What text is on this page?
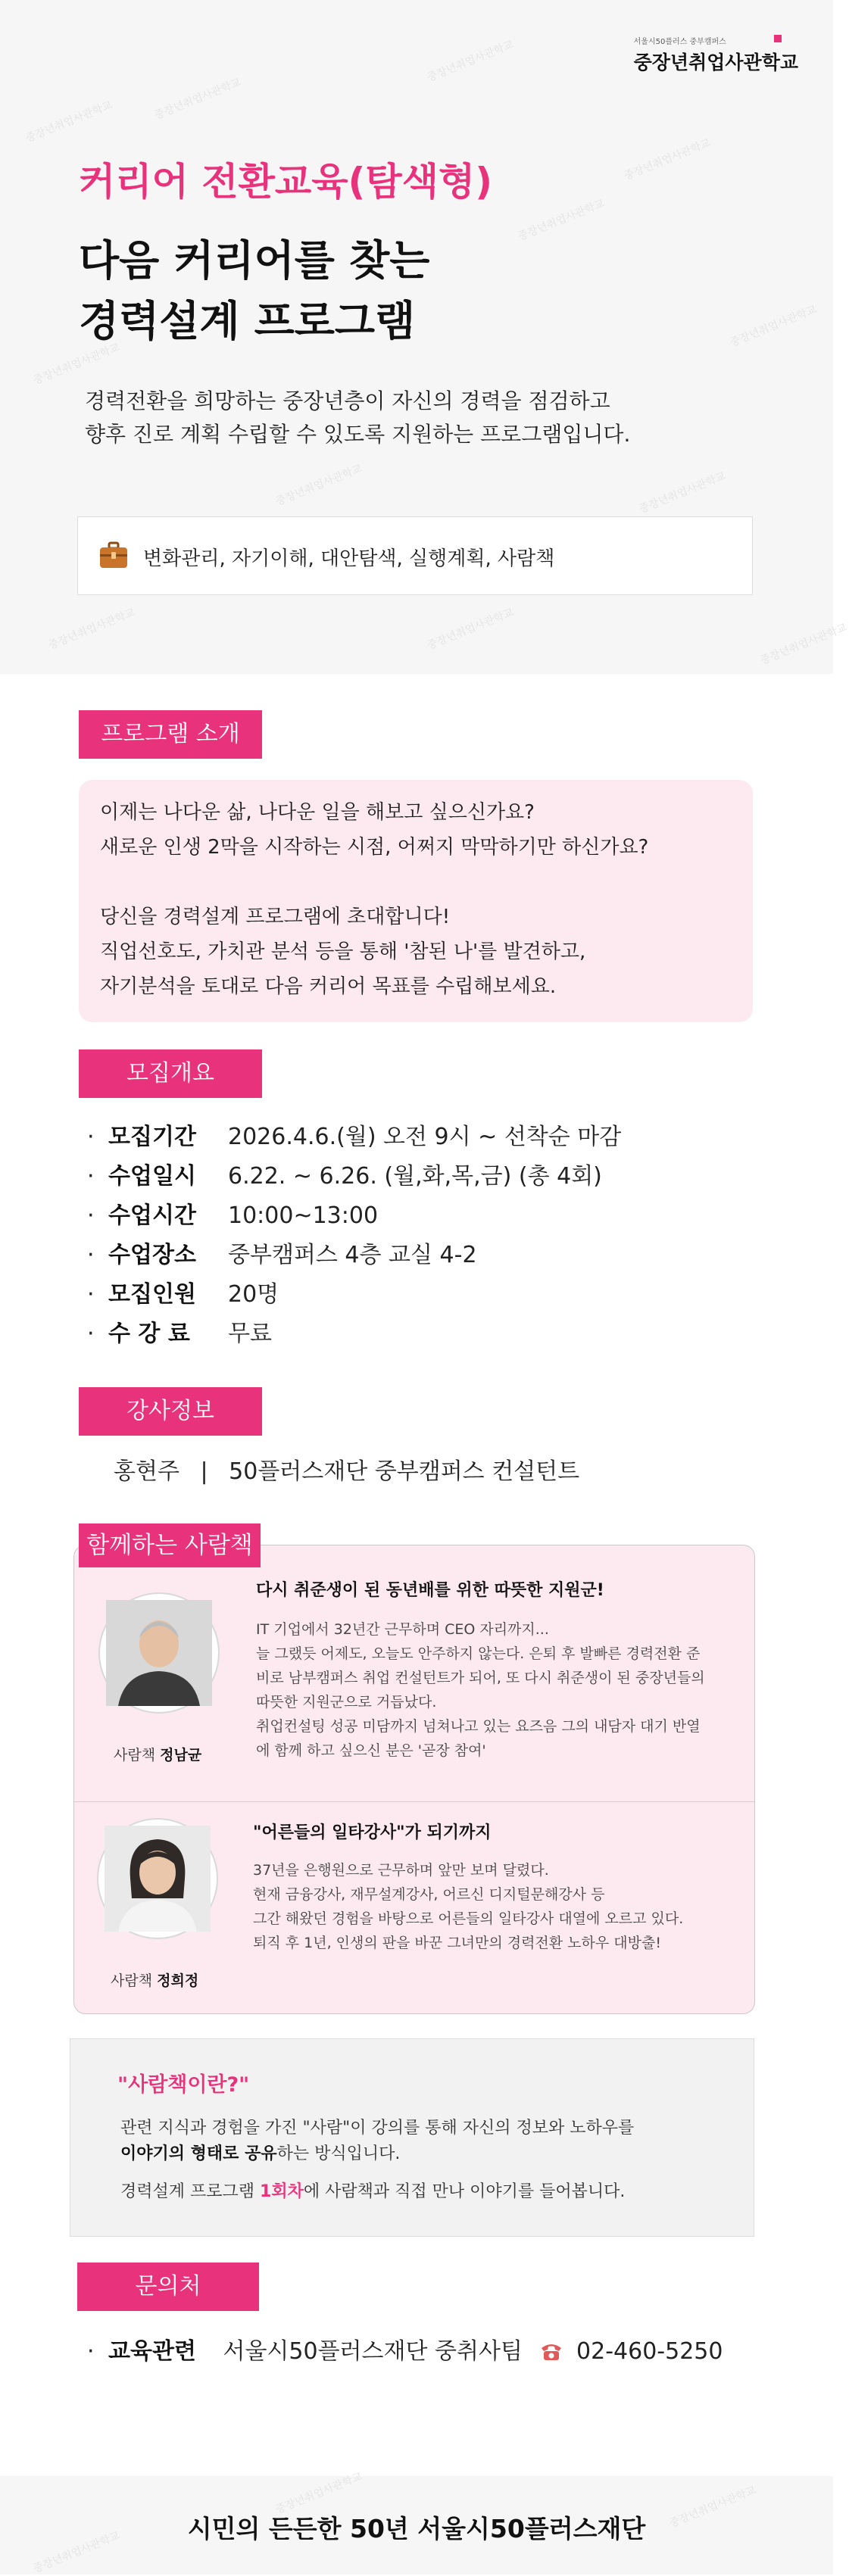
중장년취업사관학교	중장년취업사관학교
중장년취업사관학교
중장년취업사관학교
중장년취업사관학교
중장년취업사관학교
중장년취업사관학교
중장년취업사관학교	중장년취업사관학교
중장년취업사관학교	중장년취업사관학교	중장년취업사관학교
서울시50플러스 중부캠퍼스
중장년취업사관학교
커리어 전환교육(탐색형)
다음 커리어를 찾는
경력설계 프로그램
경력전환을 희망하는 중장년층이 자신의 경력을 점검하고
향후 진로 계획 수립할 수 있도록 지원하는 프로그램입니다.
변화관리, 자기이해, 대안탐색, 실행계획, 사람책
프로그램 소개

이제는 나다운 삶, 나다운 일을 해보고 싶으신가요?

새로운 인생 2막을 시작하는 시점, 어쩌지 막막하기만 하신가요?

당신을 경력설계 프로그램에 초대합니다!

직업선호도, 가치관 분석 등을 통해 '참된 나'를 발견하고,

자기분석을 토대로 다음 커리어 목표를 수립해보세요.

모집개요
· 모집기간 2026.4.6.(월) 오전 9시 ~ 선착순 마감
· 수업일시 6.22. ~ 6.26. (월,화,목,금) (총 4회)
· 수업시간 10:00~13:00
· 수업장소 중부캠퍼스 4층 교실 4-2
· 모집인원 20명
· 수 강 료 무료
강사정보
홍현주 | 50플러스재단 중부캠퍼스 컨설턴트
사람책 정남균
다시 취준생이 된 동년배를 위한 따뜻한 지원군!
IT 기업에서 32년간 근무하며 CEO 자리까지...
늘 그랬듯 어제도, 오늘도 안주하지 않는다. 은퇴 후 발빠른 경력전환 준
비로 남부캠퍼스 취업 컨설턴트가 되어, 또 다시 취준생이 된 중장년들의
따뜻한 지원군으로 거듭났다.
취업컨설팅 성공 미담까지 넘쳐나고 있는 요즈음 그의 내담자 대기 반열
에 함께 하고 싶으신 분은 '곧장 참여'
사람책 정희정
"어른들의 일타강사"가 되기까지
37년을 은행원으로 근무하며 앞만 보며 달렸다.
현재 금융강사, 재무설계강사, 어르신 디지털문해강사 등
그간 해왔던 경험을 바탕으로 어른들의 일타강사 대열에 오르고 있다.
퇴직 후 1년, 인생의 판을 바꾼 그녀만의 경력전환 노하우 대방출!
함께하는 사람책
"사람책이란?"
관련 지식과 경험을 가진 "사람"이 강의를 통해 자신의 정보와 노하우를
이야기의 형태로 공유하는 방식입니다.
경력설계 프로그램 1회차에 사람책과 직접 만나 이야기를 들어봅니다.
문의처
· 교육관련 서울시50플러스재단 중취사팀 02-460-5250
중장년취업사관학교	중장년취업사관학교
중장년취업사관학교
시민의 든든한 50년 서울시50플러스재단
